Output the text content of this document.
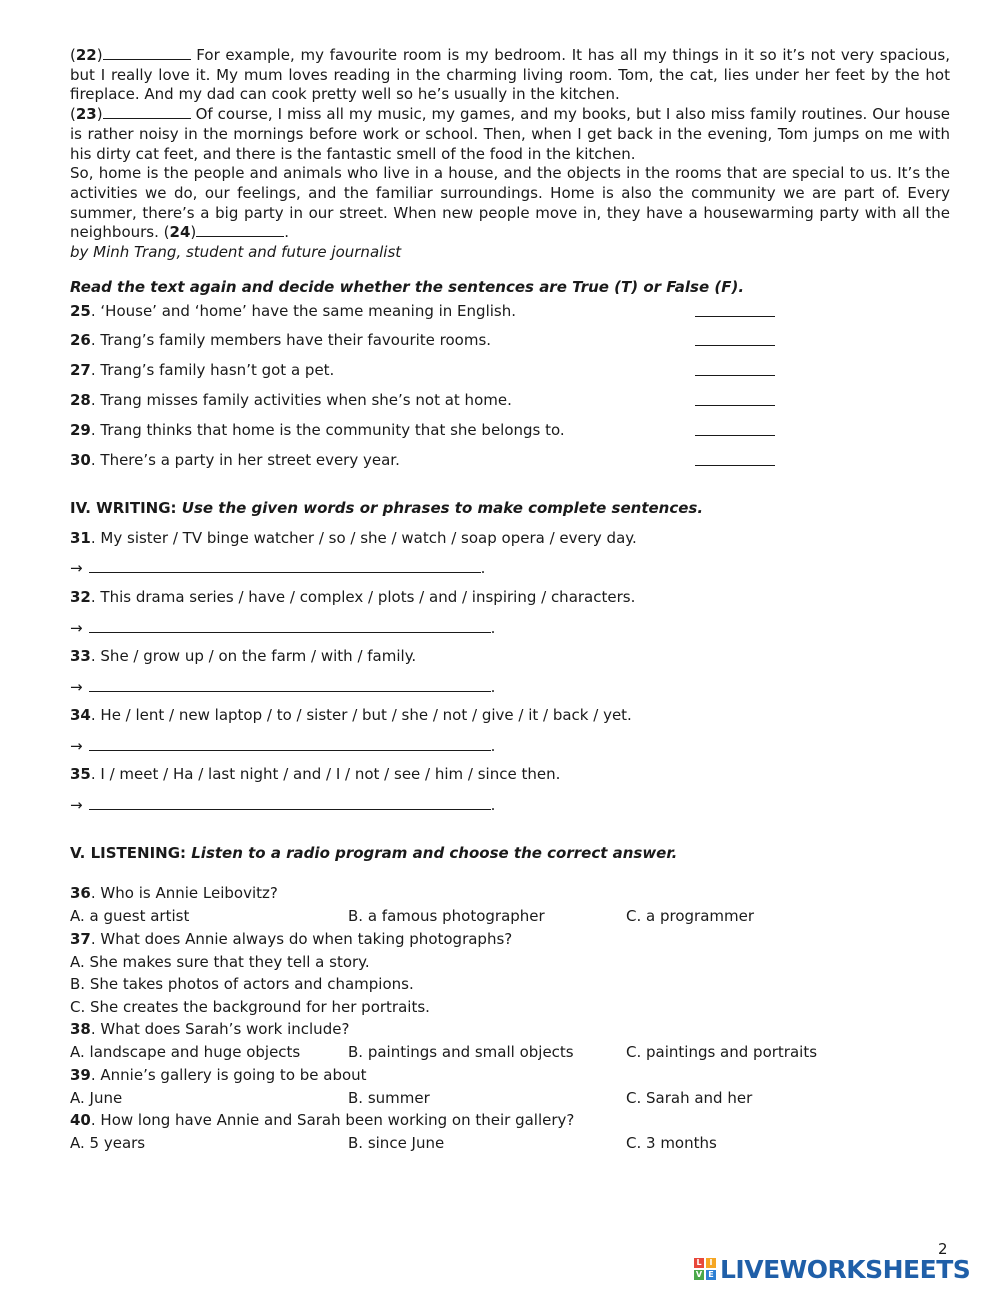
(22)	For example, my favourite room is my bedroom. It has all my things in it so it’s not very spacious, but I really love it. My mum loves reading in the charming living room. Tom, the cat, lies under her feet by the hot fireplace. And my dad can cook pretty well so he’s usually in the kitchen.

(23)	Of course, I miss all my music, my games, and my books, but I also miss family routines. Our house is rather noisy in the mornings before work or school. Then, when I get back in the evening, Tom jumps on me with his dirty cat feet, and there is the fantastic smell of the food in the kitchen.

So, home is the people and animals who live in a house, and the objects in the rooms that are special to us. It’s the activities we do, our feelings, and the familiar surroundings. Home is also the community we are part of. Every summer, there’s a big party in our street. When new people move in, they have a housewarming party with all the neighbours. (24)	.

by Minh Trang, student and future journalist

Read the text again and decide whether the sentences are True (T) or False (F).

25. ‘House’ and ‘home’ have the same meaning in English.
26. Trang’s family members have their favourite rooms.
27. Trang’s family hasn’t got a pet.
28. Trang misses family activities when she’s not at home.
29. Trang thinks that home is the community that she belongs to.
30. There’s a party in her street every year.

IV. WRITING: Use the given words or phrases to make complete sentences.

31. My sister / TV binge watcher / so / she / watch / soap opera / every day.
→	.
32. This drama series / have / complex / plots / and / inspiring / characters.
→	.
33. She / grow up / on the farm / with / family.
→	.
34. He / lent / new laptop / to / sister / but / she / not / give / it / back / yet.
→	.
35. I / meet / Ha / last night / and / I / not / see / him / since then.
→	.

V. LISTENING: Listen to a radio program and choose the correct answer.

36. Who is Annie Leibovitz?
A. a guest artist	B. a famous photographer	C. a programmer
37. What does Annie always do when taking photographs?
A. She makes sure that they tell a story.
B. She takes photos of actors and champions.
C. She creates the background for her portraits.
38. What does Sarah’s work include?
A. landscape and huge objects	B. paintings and small objects	C. paintings and portraits
39. Annie’s gallery is going to be about
A. June	B. summer	C. Sarah and her
40. How long have Annie and Sarah been working on their gallery?
A. 5 years	B. since June	C. 3 months
2
L I
V E LIVEWORKSHEETS
